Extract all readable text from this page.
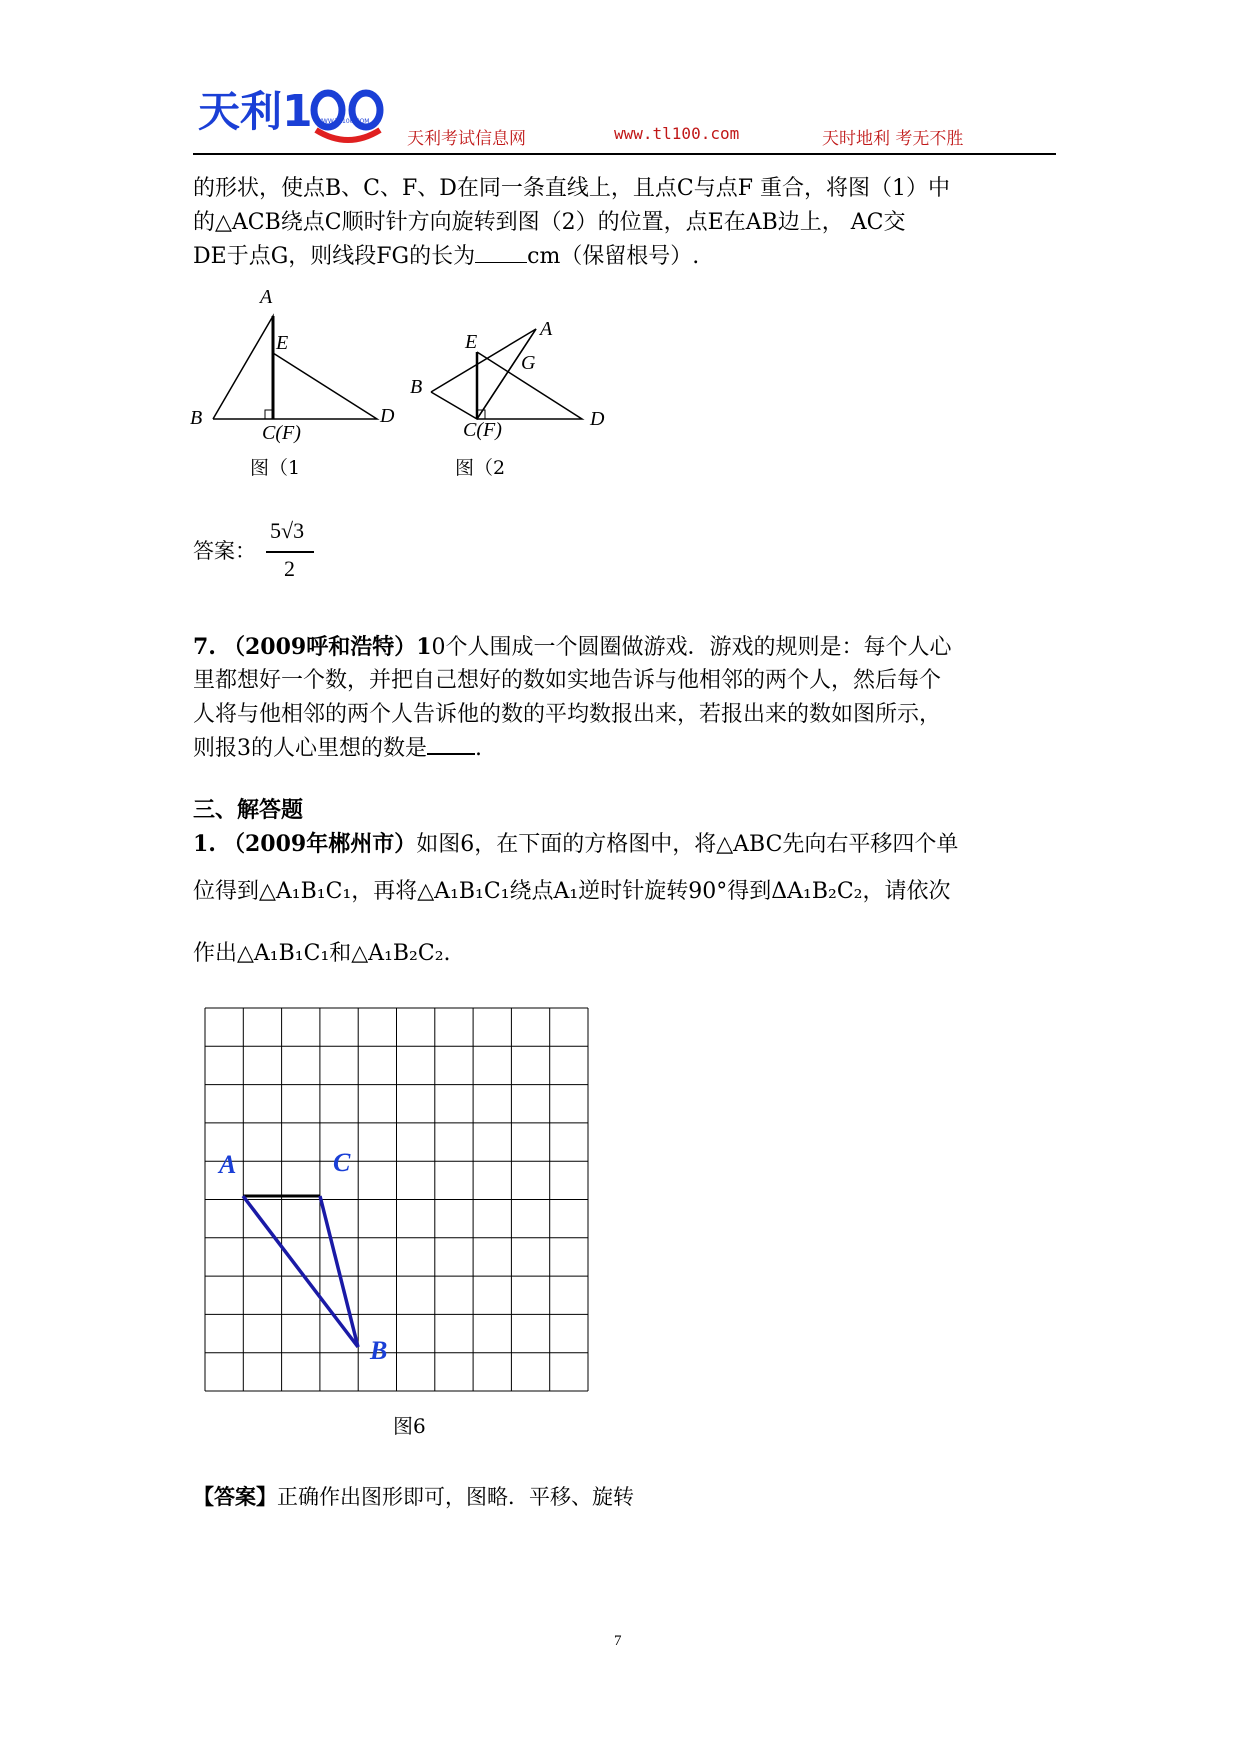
天利 1 WWW.TL100.COM
天利考试信息网	www.tl100.com	天时地利 考无不胜
的形状，使点B、C、F、D在同一条直线上，且点C与点F 重合，将图（1）中
的△ACB绕点C顺时针方向旋转到图（2）的位置，点E在AB边上， AC交
DE于点G，则线段FG的长为 cm（保留根号）.
A
E
B
C(F)
D
图（1
E
A
G
B
C(F)	D
图（2
答案：
5√3
2
7. （2009呼和浩特）10个人围成一个圆圈做游戏．游戏的规则是：每个人心
里都想好一个数，并把自己想好的数如实地告诉与他相邻的两个人，然后每个
人将与他相邻的两个人告诉他的数的平均数报出来，若报出来的数如图所示，
则报3的人心里想的数是 .
三、解答题
1. （2009年郴州市）如图6，在下面的方格图中，将△ABC先向右平移四个单
位得到△A₁B₁C₁，再将△A₁B₁C₁绕点A₁逆时针旋转90°得到ΔA₁B₂C₂，请依次
作出△A₁B₁C₁和△A₁B₂C₂.
A	C
B
图6
【答案】正确作出图形即可，图略．平移、旋转
7
